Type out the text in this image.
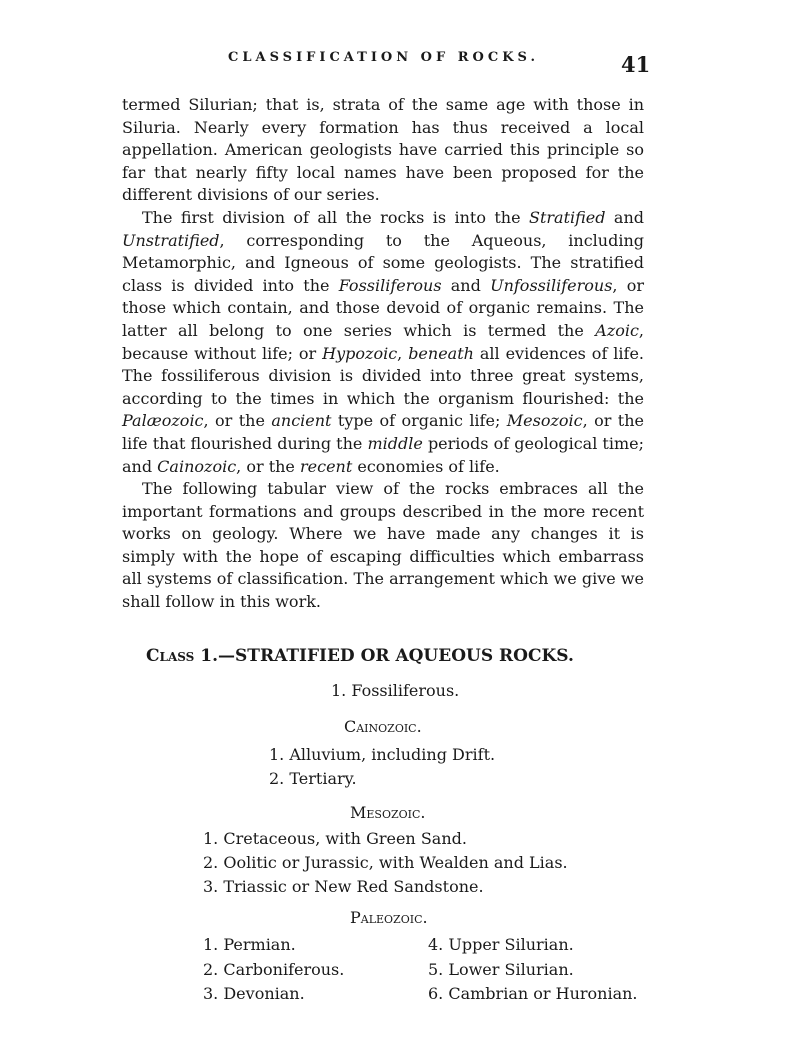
CLASSIFICATION OF ROCKS.	41

termed Silurian; that is, strata of the same age with those in Siluria. Nearly every formation has thus received a local appellation. American geologists have carried this principle so far that nearly fifty local names have been proposed for the different divisions of our series.

The first division of all the rocks is into the Stratified and Unstratified, corresponding to the Aqueous, including Metamorphic, and Igneous of some geologists. The stratified class is divided into the Fossiliferous and Unfossiliferous, or those which contain, and those devoid of organic remains. The latter all belong to one series which is termed the Azoic, because without life; or Hypozoic, beneath all evidences of life. The fossiliferous division is divided into three great systems, according to the times in which the organism flourished: the Palæozoic, or the ancient type of organic life; Mesozoic, or the life that flourished during the middle periods of geological time; and Cainozoic, or the recent economies of life.

The following tabular view of the rocks embraces all the important formations and groups described in the more recent works on geology. Where we have made any changes it is simply with the hope of escaping difficulties which embarrass all systems of classification. The arrangement which we give we shall follow in this work.

Class 1.—STRATIFIED OR AQUEOUS ROCKS.
1. Fossiliferous.
Cainozoic.
1. Alluvium, including Drift.
2. Tertiary.
Mesozoic.
1. Cretaceous, with Green Sand.
2. Oolitic or Jurassic, with Wealden and Lias.
3. Triassic or New Red Sandstone.
Paleozoic.
1. Permian.
2. Carboniferous.
3. Devonian.
4. Upper Silurian.
5. Lower Silurian.
6. Cambrian or Huronian.
